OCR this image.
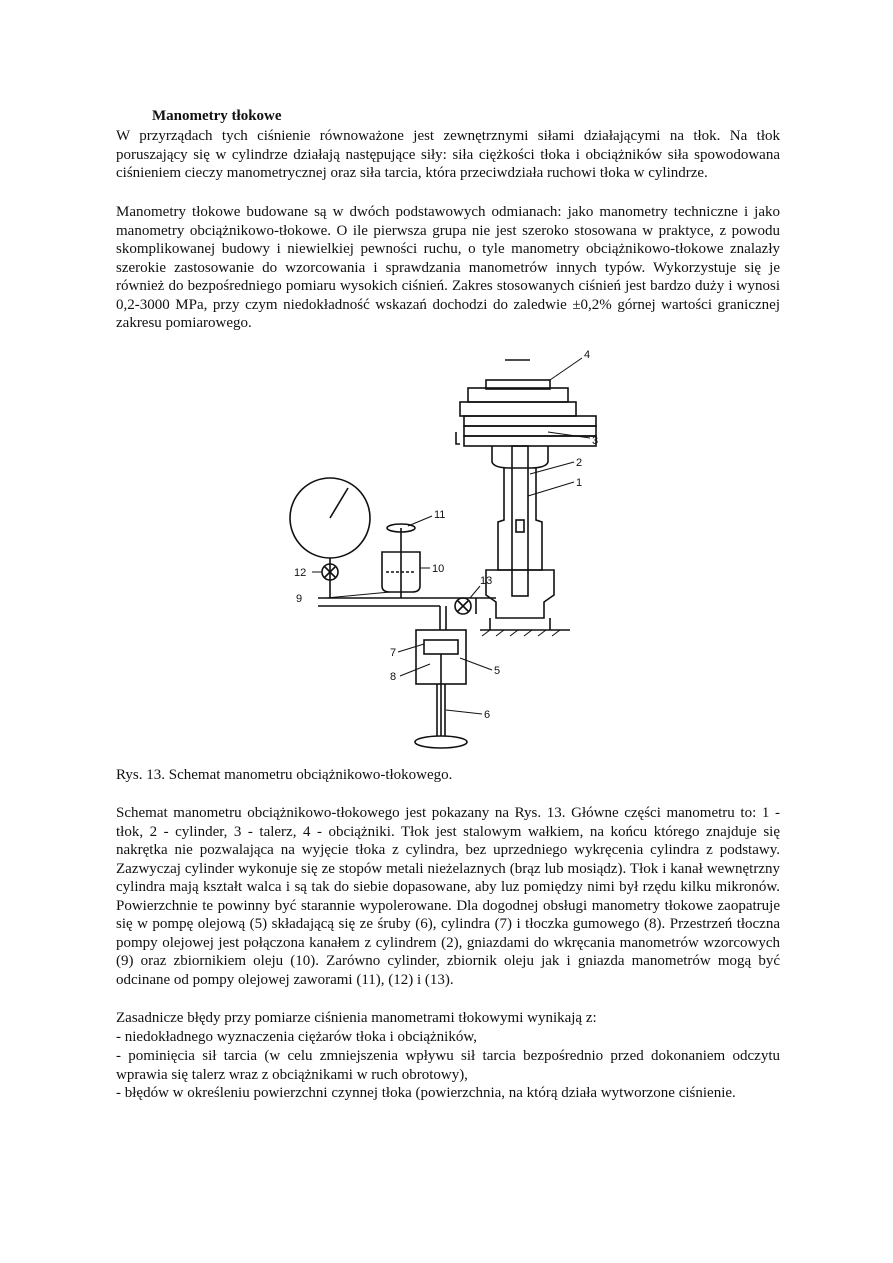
Manometry tłokowe

W przyrządach tych ciśnienie równoważone jest zewnętrznymi siłami działającymi na tłok. Na tłok poruszający się w cylindrze działają następujące siły: siła ciężkości tłoka i obciążników siła spowodowana ciśnieniem cieczy manometrycznej oraz siła tarcia, która przeciwdziała ruchowi tłoka w cylindrze.

Manometry tłokowe budowane są w dwóch podstawowych odmianach: jako manometry techniczne i jako manometry obciążnikowo-tłokowe. O ile pierwsza grupa nie jest szeroko stosowana w praktyce, z powodu skomplikowanej budowy i niewielkiej pewności ruchu, o tyle manometry obciążnikowo-tłokowe znalazły szerokie zastosowanie do wzorcowania i sprawdzania manometrów innych typów. Wykorzystuje się je również do bezpośredniego pomiaru wysokich ciśnień. Zakres stosowanych ciśnień jest bardzo duży i wynosi 0,2-3000 MPa, przy czym niedokładność wskazań dochodzi do zaledwie ±0,2% górnej wartości granicznej zakresu pomiarowego.

4
3
2
1
5
6
7
8
9
10
11
12
13
Rys. 13. Schemat manometru obciążnikowo-tłokowego.

Schemat manometru obciążnikowo-tłokowego jest pokazany na Rys. 13. Główne części manometru to: 1 - tłok, 2 - cylinder, 3 - talerz, 4 - obciążniki. Tłok jest stalowym wałkiem, na końcu którego znajduje się nakrętka nie pozwalająca na wyjęcie tłoka z cylindra, bez uprzedniego wykręcenia cylindra z podstawy. Zazwyczaj cylinder wykonuje się ze stopów metali nieżelaznych (brąz lub mosiądz). Tłok i kanał wewnętrzny cylindra mają kształt walca i są tak do siebie dopasowane, aby luz pomiędzy nimi był rzędu kilku mikronów. Powierzchnie te powinny być starannie wypolerowane. Dla dogodnej obsługi manometry tłokowe zaopatruje się w pompę olejową (5) składającą się ze śruby (6), cylindra (7) i tłoczka gumowego (8). Przestrzeń tłoczna pompy olejowej jest połączona kanałem z cylindrem (2), gniazdami do wkręcania manometrów wzorcowych (9) oraz zbiornikiem oleju (10). Zarówno cylinder, zbiornik oleju jak i gniazda manometrów mogą być odcinane od pompy olejowej zaworami (11), (12) i (13).

Zasadnicze błędy przy pomiarze ciśnienia manometrami tłokowymi wynikają z:

- niedokładnego wyznaczenia ciężarów tłoka i obciążników,

- pominięcia sił tarcia (w celu zmniejszenia wpływu sił tarcia bezpośrednio przed dokonaniem odczytu wprawia się talerz wraz z obciążnikami w ruch obrotowy),

- błędów w określeniu powierzchni czynnej tłoka (powierzchnia, na którą działa wytworzone ciśnienie.
